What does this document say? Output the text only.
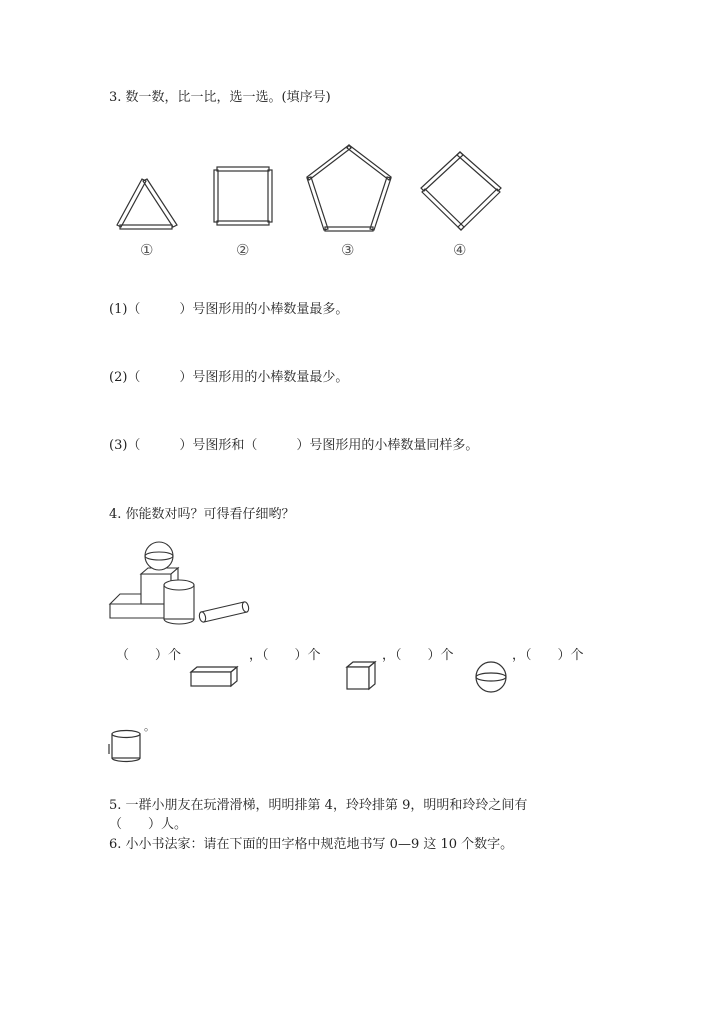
3. 数一数，比一比，选一选。(填序号)
①	②	③	④
(1)（　　　）号图形用的小棒数量最多。
(2)（　　　）号图形用的小棒数量最少。
(3)（　　　）号图形和（　　　）号图形用的小棒数量同样多。
4. 你能数对吗？可得看仔细哟？
（　　）个	，（　　）个	，（　　）个	，（　　）个
。
5. 一群小朋友在玩滑滑梯，明明排第 4，玲玲排第 9，明明和玲玲之间有
（　　）人。
6. 小小书法家：请在下面的田字格中规范地书写 0—9 这 10 个数字。
